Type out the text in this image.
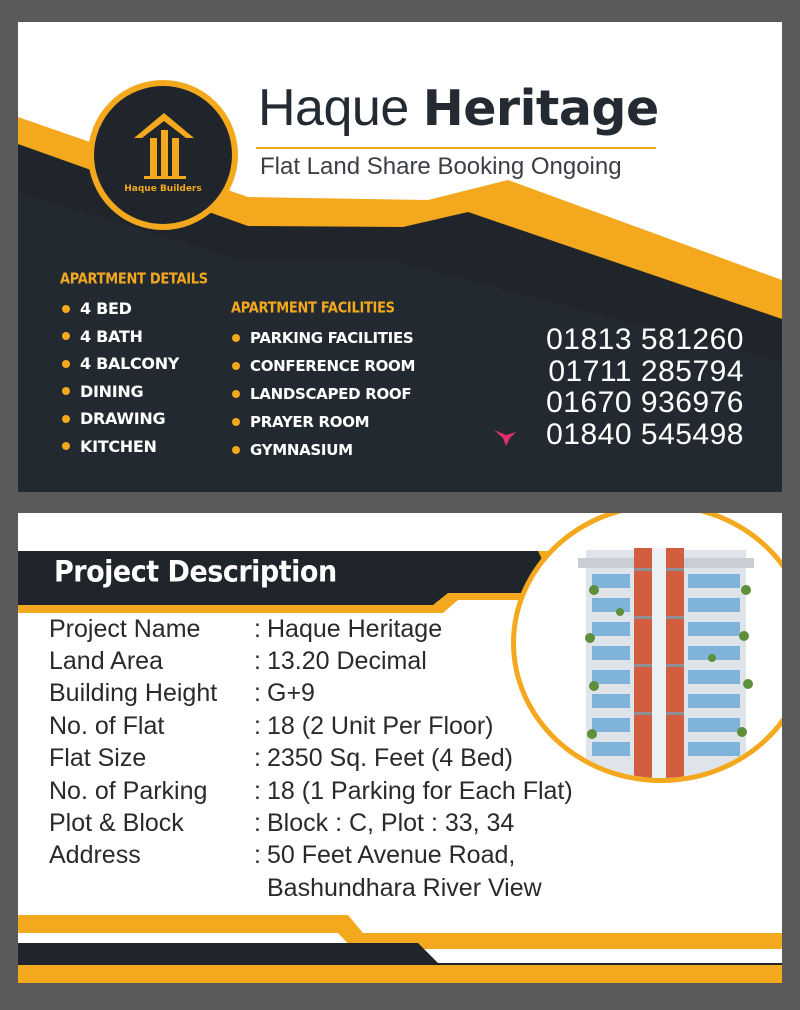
Haque Builders
Haque Heritage
Flat Land Share Booking Ongoing
APARTMENT DETAILS
4 BED
4 BATH
4 BALCONY
DINING
DRAWING
KITCHEN
APARTMENT FACILITIES
PARKING FACILITIES
CONFERENCE ROOM
LANDSCAPED ROOF
PRAYER ROOM
GYMNASIUM
01813 581260
01711 285794
01670 936976
01840 545498
Project Description
Project Name	: Haque Heritage
Land Area	: 13.20 Decimal
Building Height	: G+9
No. of Flat	: 18 (2 Unit Per Floor)
Flat Size	: 2350 Sq. Feet (4 Bed)
No. of Parking	: 18 (1 Parking for Each Flat)
Plot & Block	: Block : C, Plot : 33, 34
Address	: 50 Feet Avenue Road,
Bashundhara River View
